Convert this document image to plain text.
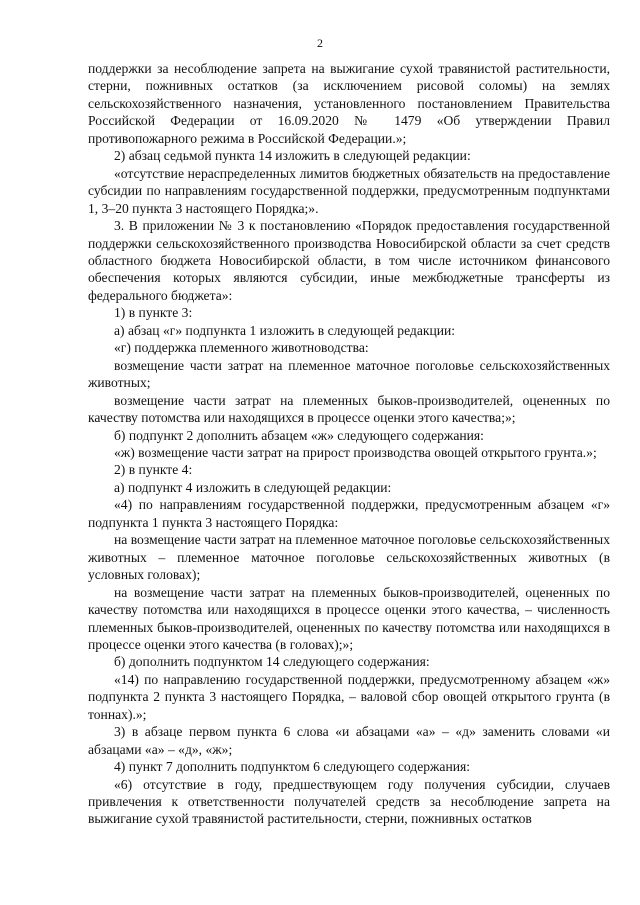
2

поддержки за несоблюдение запрета на выжигание сухой травянистой растительности, стерни, пожнивных остатков (за исключением рисовой соломы) на землях сельскохозяйственного назначения, установленного постановлением Правительства Российской Федерации от 16.09.2020 № 1479 «Об утверждении Правил противопожарного режима в Российской Федерации.»;

2) абзац седьмой пункта 14 изложить в следующей редакции:

«отсутствие нераспределенных лимитов бюджетных обязательств на предоставление субсидии по направлениям государственной поддержки, предусмотренным подпунктами 1, 3–20 пункта 3 настоящего Порядка;».

3. В приложении № 3 к постановлению «Порядок предоставления государственной поддержки сельскохозяйственного производства Новосибирской области за счет средств областного бюджета Новосибирской области, в том числе источником финансового обеспечения которых являются субсидии, иные межбюджетные трансферты из федерального бюджета»:

1) в пункте 3:

а) абзац «г» подпункта 1 изложить в следующей редакции:

«г) поддержка племенного животноводства:

возмещение части затрат на племенное маточное поголовье сельскохозяйственных животных;

возмещение части затрат на племенных быков-производителей, оцененных по качеству потомства или находящихся в процессе оценки этого качества;»;

б) подпункт 2 дополнить абзацем «ж» следующего содержания:

«ж) возмещение части затрат на прирост производства овощей открытого грунта.»;

2) в пункте 4:

а) подпункт 4 изложить в следующей редакции:

«4) по направлениям государственной поддержки, предусмотренным абзацем «г» подпункта 1 пункта 3 настоящего Порядка:

на возмещение части затрат на племенное маточное поголовье сельскохозяйственных животных – племенное маточное поголовье сельскохозяйственных животных (в условных головах);

на возмещение части затрат на племенных быков-производителей, оцененных по качеству потомства или находящихся в процессе оценки этого качества, – численность племенных быков-производителей, оцененных по качеству потомства или находящихся в процессе оценки этого качества (в головах);»;

б) дополнить подпунктом 14 следующего содержания:

«14) по направлению государственной поддержки, предусмотренному абзацем «ж» подпункта 2 пункта 3 настоящего Порядка, – валовой сбор овощей открытого грунта (в тоннах).»;

3) в абзаце первом пункта 6 слова «и абзацами «а» – «д» заменить словами «и абзацами «а» – «д», «ж»;

4) пункт 7 дополнить подпунктом 6 следующего содержания:

«6) отсутствие в году, предшествующем году получения субсидии, случаев привлечения к ответственности получателей средств за несоблюдение запрета на выжигание сухой травянистой растительности, стерни, пожнивных остатков
